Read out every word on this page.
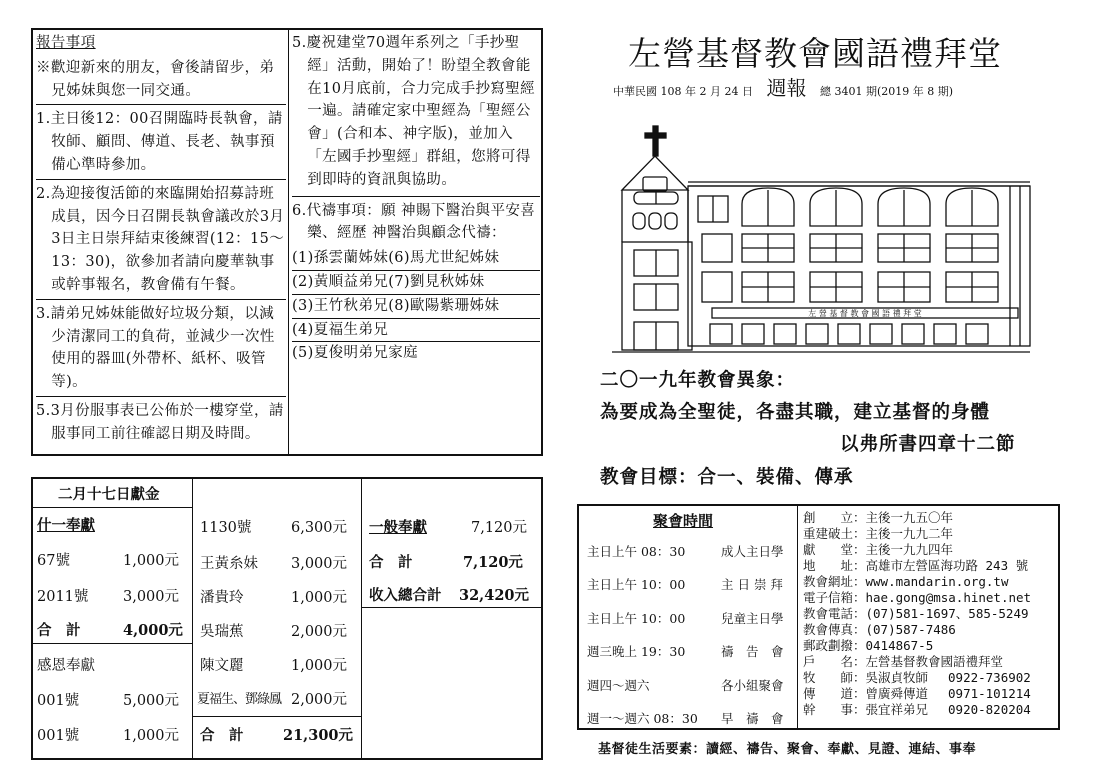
報告事項
※歡迎新來的朋友，會後請留步，弟兄姊妹與您一同交通。
1.主日後12：00召開臨時長執會，請牧師、顧問、傳道、長老、執事預備心準時參加。
2.為迎接復活節的來臨開始招募詩班成員，因今日召開長執會議改於3月3日主日崇拜結束後練習(12：15～13：30)，欲參加者請向慶華執事或幹事報名，教會備有午餐。
3.請弟兄姊妹能做好垃圾分類，以減少清潔同工的負荷，並減少一次性使用的器皿(外帶杯、紙杯、吸管等)。
5.3月份服事表已公佈於一樓穿堂，請服事同工前往確認日期及時間。
5.慶祝建堂70週年系列之「手抄聖經」活動，開始了！盼望全教會能在10月底前，合力完成手抄寫聖經一遍。請確定家中聖經為「聖經公會」(合和本、神字版)，並加入「左國手抄聖經」群組，您將可得到即時的資訊與協助。
6.代禱事項：願 神賜下醫治與平安喜樂、經歷 神醫治與顧念代禱：
(1)孫雲蘭姊妹(6)馬尤世紀姊妹
(2)黃順益弟兄(7)劉見秋姊妹
(3)王竹秋弟兄(8)歐陽紫珊姊妹
(4)夏福生弟兄
(5)夏俊明弟兄家庭
二月十七日獻金
什一奉獻
67號	1,000元
2011號 3,000元
合　計	4,000元
感恩奉獻
001號	5,000元
001號	1,000元
1130號	6,300元
王黃糸妹 3,000元
潘貴玲	1,000元
吳瑞蕉	2,000元
陳文麗	1,000元
夏福生、鄧綠鳳 2,000元
合　計	21,300元
一般奉獻	7,120元
合　計	7,120元
收入總合計 32,420元
左營基督教會國語禮拜堂
中華民國 108 年 2 月 24 日 週報 總 3401 期(2019 年 8 期)
左 營 基 督 教 會 國 語 禮 拜 堂
二〇一九年教會異象：
為要成為全聖徒，各盡其職，建立基督的身體
以弗所書四章十二節
教會目標：合一、裝備、傳承
聚會時間
主日上午 08：30	成人主日學
主日上午 10：00	主 日 崇 拜
主日上午 10：00	兒童主日學
週三晚上 19：30	禱　告　會
週四～週六	各小組聚會
週一～週六 08：30 早　禱　會
創　　立：主後一九五〇年
重建破土：主後一九九二年
獻　　堂：主後一九九四年
地　　址：高雄市左營區海功路 243 號
教會網址：www.mandarin.org.tw
電子信箱：hae.gong@msa.hinet.net
教會電話：(07)581-1697、585-5249
教會傳真：(07)587-7486
郵政劃撥：0414867-5
戶　　名：左營基督教會國語禮拜堂
牧　　師：吳淑貞牧師　 0922-736902
傳　　道：曾廣舜傳道　 0971-101214
幹　　事：張宜祥弟兄　 0920-820204
基督徒生活要素：讀經、禱告、聚會、奉獻、見證、連結、事奉
